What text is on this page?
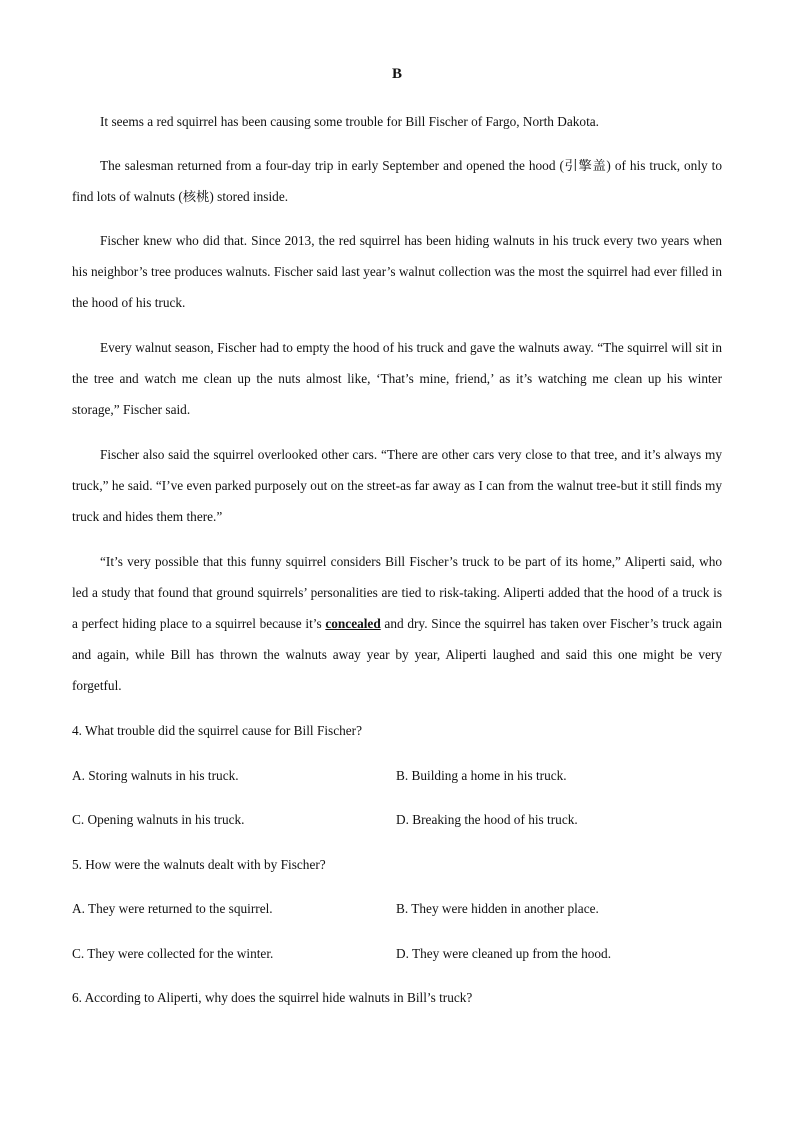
B

It seems a red squirrel has been causing some trouble for Bill Fischer of Fargo, North Dakota.

The salesman returned from a four-day trip in early September and opened the hood (引擎盖) of his truck, only to find lots of walnuts (核桃) stored inside.

Fischer knew who did that. Since 2013, the red squirrel has been hiding walnuts in his truck every two years when his neighbor’s tree produces walnuts. Fischer said last year’s walnut collection was the most the squirrel had ever filled in the hood of his truck.

Every walnut season, Fischer had to empty the hood of his truck and gave the walnuts away. “The squirrel will sit in the tree and watch me clean up the nuts almost like, ‘That’s mine, friend,’ as it’s watching me clean up his winter storage,” Fischer said.

Fischer also said the squirrel overlooked other cars. “There are other cars very close to that tree, and it’s always my truck,” he said. “I’ve even parked purposely out on the street-as far away as I can from the walnut tree-but it still finds my truck and hides them there.”

“It’s very possible that this funny squirrel considers Bill Fischer’s truck to be part of its home,” Aliperti said, who led a study that found that ground squirrels’ personalities are tied to risk-taking. Aliperti added that the hood of a truck is a perfect hiding place to a squirrel because it’s concealed and dry. Since the squirrel has taken over Fischer’s truck again and again, while Bill has thrown the walnuts away year by year, Aliperti laughed and said this one might be very forgetful.

4. What trouble did the squirrel cause for Bill Fischer?

A. Storing walnuts in his truck.	B. Building a home in his truck.

C. Opening walnuts in his truck.	D. Breaking the hood of his truck.

5. How were the walnuts dealt with by Fischer?

A. They were returned to the squirrel.	B. They were hidden in another place.

C. They were collected for the winter.	D. They were cleaned up from the hood.

6. According to Aliperti, why does the squirrel hide walnuts in Bill’s truck?
